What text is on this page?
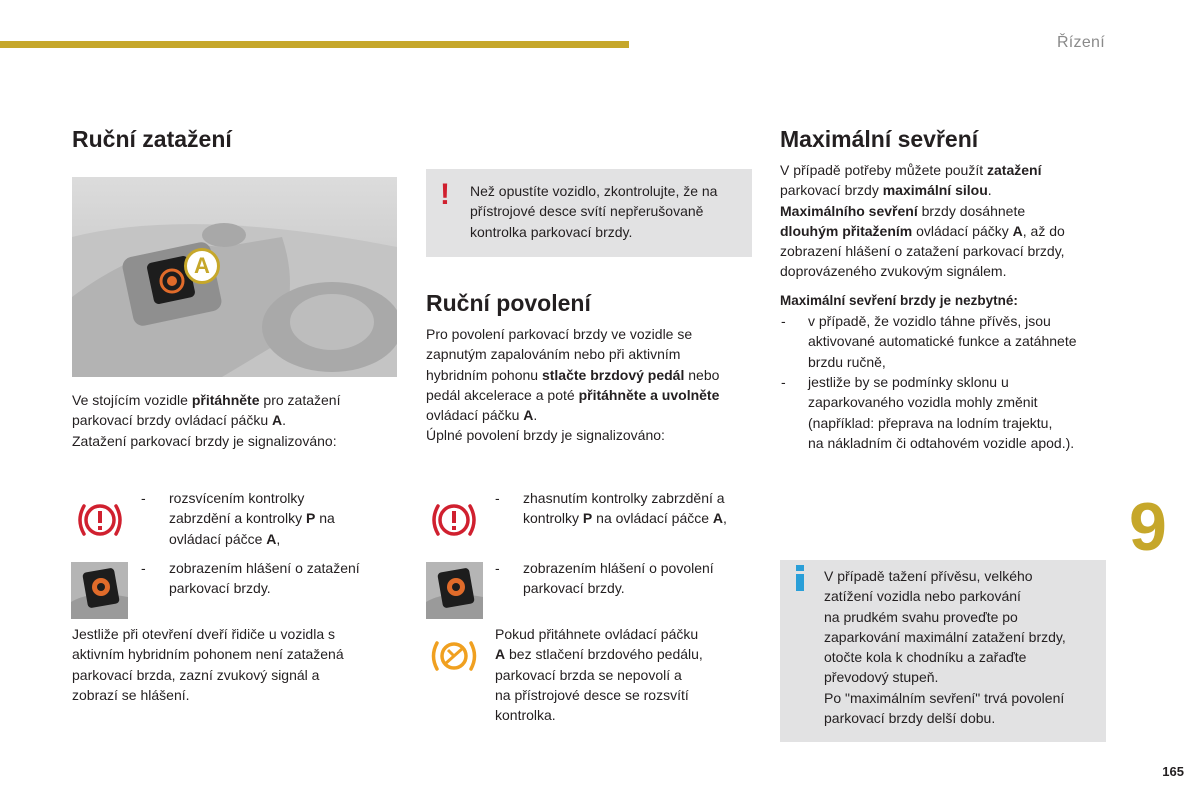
Řízení
Ruční zatažení
A
Ve stojícím vozidle přitáhněte pro zatažení
parkovací brzdy ovládací páčku A.
Zatažení parkovací brzdy je signalizováno:
- rozsvícením kontrolky
zabrzdění a kontrolky P na
ovládací páčce A,
- zobrazením hlášení o zatažení
parkovací brzdy.
Jestliže při otevření dveří řidiče u vozidla s
aktivním hybridním pohonem není zatažená
parkovací brzda, zazní zvukový signál a
zobrazí se hlášení.
! Než opustíte vozidlo, zkontrolujte, že na
přístrojové desce svítí nepřerušovaně
kontrolka parkovací brzdy.
Ruční povolení
Pro povolení parkovací brzdy ve vozidle se
zapnutým zapalováním nebo při aktivním
hybridním pohonu stlačte brzdový pedál nebo
pedál akcelerace a poté přitáhněte a uvolněte
ovládací páčku A.
Úplné povolení brzdy je signalizováno:
- zhasnutím kontrolky zabrzdění a
kontrolky P na ovládací páčce A,
- zobrazením hlášení o povolení
parkovací brzdy.
Pokud přitáhnete ovládací páčku
A bez stlačení brzdového pedálu,
parkovací brzda se nepovolí a
na přístrojové desce se rozsvítí
kontrolka.
Maximální sevření
V případě potřeby můžete použít zatažení
parkovací brzdy maximální silou.
Maximálního sevření brzdy dosáhnete
dlouhým přitažením ovládací páčky A, až do
zobrazení hlášení o zatažení parkovací brzdy,
doprovázeného zvukovým signálem.
Maximální sevření brzdy je nezbytné:
- v případě, že vozidlo táhne přívěs, jsou
aktivované automatické funkce a zatáhnete
brzdu ručně,
- jestliže by se podmínky sklonu u
zaparkovaného vozidla mohly změnit
(například: přeprava na lodním trajektu,
na nákladním či odtahovém vozidle apod.).
V případě tažení přívěsu, velkého
zatížení vozidla nebo parkování
na prudkém svahu proveďte po
zaparkování maximální zatažení brzdy,
otočte kola k chodníku a zařaďte
převodový stupeň.
Po "maximálním sevření" trvá povolení
parkovací brzdy delší dobu.
9
165
